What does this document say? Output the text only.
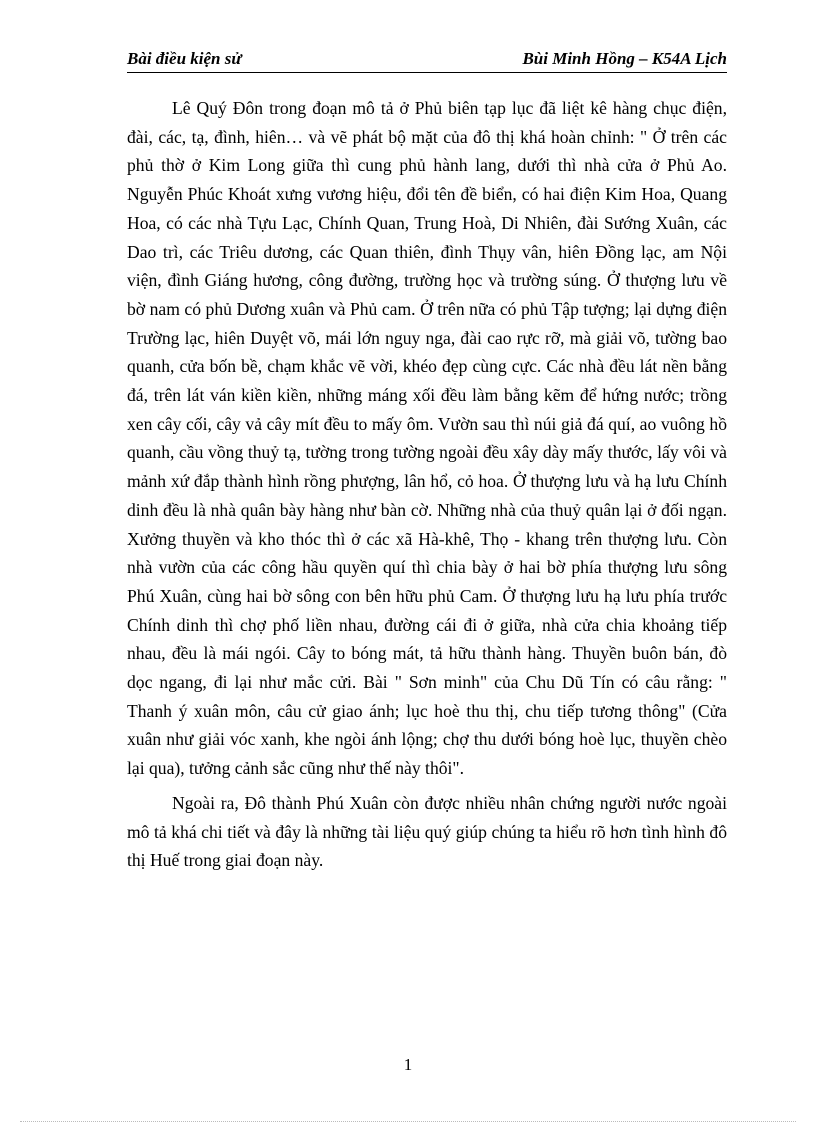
Bài điều kiện sử	Bùi Minh Hồng – K54A Lịch

Lê Quý Đôn trong đoạn mô tả ở Phủ biên tạp lục đã liệt kê hàng chục điện, đài, các, tạ, đình, hiên… và vẽ phát bộ mặt của đô thị khá hoàn chỉnh: " Ở trên các phủ thờ ở Kim Long giữa thì cung phủ hành lang, dưới thì nhà cửa ở Phủ Ao. Nguyễn Phúc Khoát xưng vương hiệu, đổi tên đề biển, có hai điện Kim Hoa, Quang Hoa, có các nhà Tựu Lạc, Chính Quan, Trung Hoà, Di Nhiên, đài Sướng Xuân, các Dao trì, các Triêu dương, các Quan thiên, đình Thụy vân, hiên Đồng lạc, am Nội viện, đình Giáng hương, công đường, trường học và trường súng. Ở thượng lưu về bờ nam có phủ Dương xuân và Phủ cam. Ở trên nữa có phủ Tập tượng; lại dựng điện Trường lạc, hiên Duyệt võ, mái lớn nguy nga, đài cao rực rỡ, mà giải võ, tường bao quanh, cửa bốn bề, chạm khắc vẽ vời, khéo đẹp cùng cực. Các nhà đều lát nền bằng đá, trên lát ván kiền kiền, những máng xối đều làm bằng kẽm để hứng nước; trồng xen cây cối, cây vả cây mít đều to mấy ôm. Vườn sau thì núi giả đá quí, ao vuông hồ quanh, cầu vồng thuỷ tạ, tường trong tường ngoài đều xây dày mấy thước, lấy vôi và mảnh xứ đắp thành hình rồng phượng, lân hổ, cỏ hoa. Ở thượng lưu và hạ lưu Chính dinh đều là nhà quân bày hàng như bàn cờ. Những nhà của thuỷ quân lại ở đối ngạn. Xưởng thuyền và kho thóc thì ở các xã Hà-khê, Thọ - khang trên thượng lưu. Còn nhà vườn của các công hầu quyền quí thì chia bày ở hai bờ phía thượng lưu sông Phú Xuân, cùng hai bờ sông con bên hữu phủ Cam. Ở thượng lưu hạ lưu phía trước Chính dinh thì chợ phố liền nhau, đường cái đi ở giữa, nhà cửa chia khoảng tiếp nhau, đều là mái ngói. Cây to bóng mát, tả hữu thành hàng. Thuyền buôn bán, đò dọc ngang, đi lại như mắc cửi. Bài " Sơn minh" của Chu Dũ Tín có câu rằng: " Thanh ý xuân môn, câu cử giao ánh; lục hoè thu thị, chu tiếp tương thông" (Cửa xuân như giải vóc xanh, khe ngòi ánh lộng; chợ thu dưới bóng hoè lục, thuyền chèo lại qua), tưởng cảnh sắc cũng như thế này thôi".

Ngoài ra, Đô thành Phú Xuân còn được nhiều nhân chứng người nước ngoài mô tả khá chi tiết và đây là những tài liệu quý giúp chúng ta hiểu rõ hơn tình hình đô thị Huế trong giai đoạn này.

1
